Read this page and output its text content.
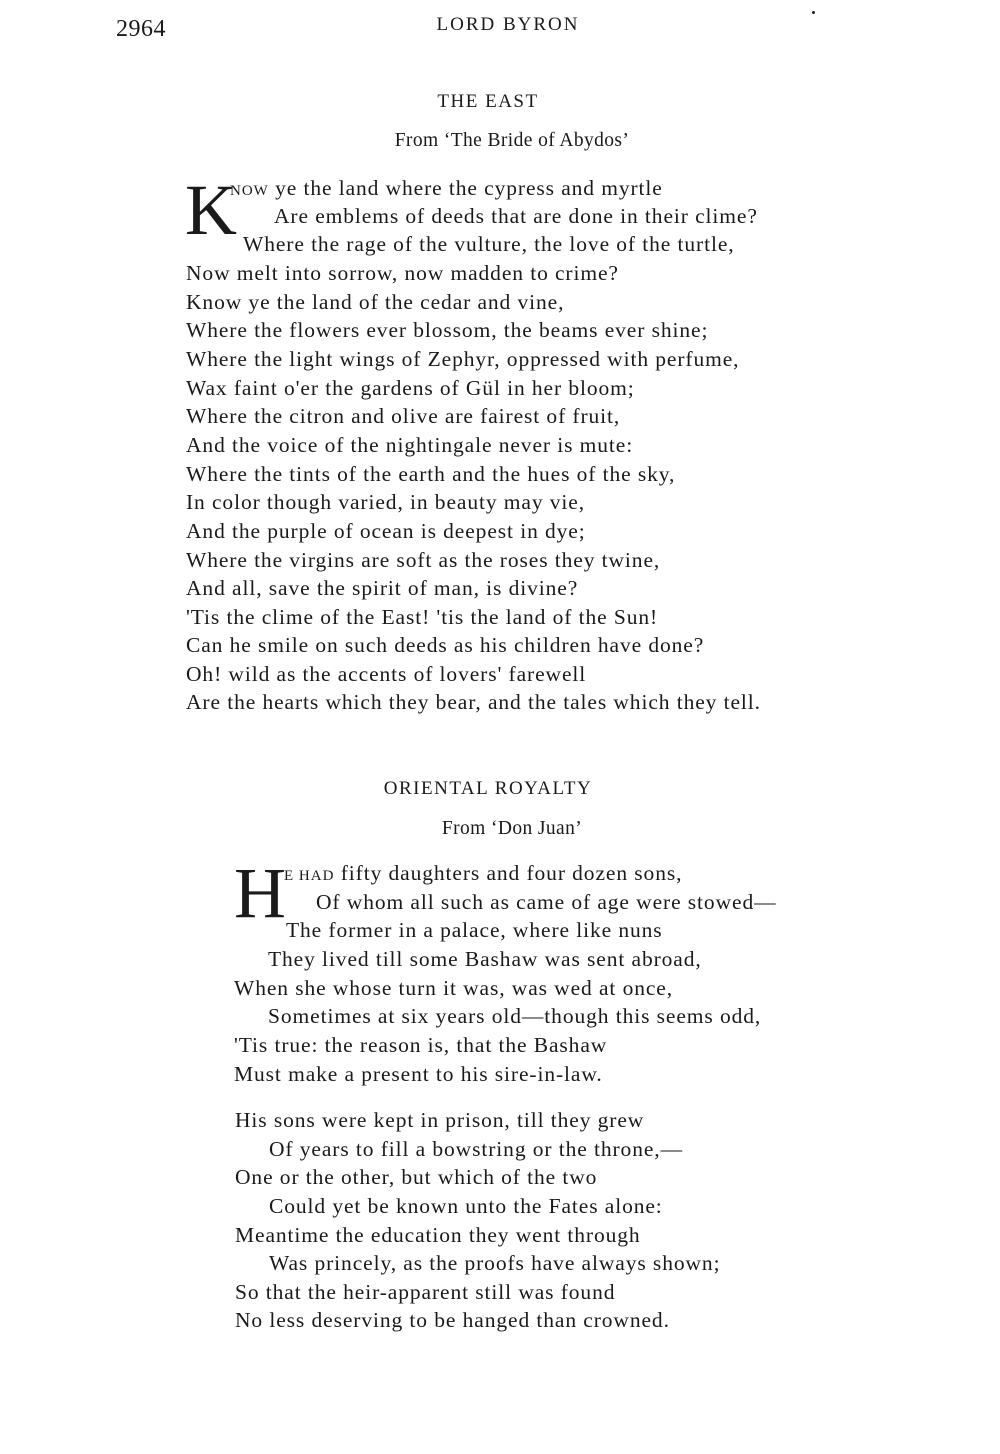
2964	LORD BYRON
THE EAST
From ‘The Bride of Abydos’
K
NOW ye the land where the cypress and myrtle
Are emblems of deeds that are done in their clime?
Where the rage of the vulture, the love of the turtle,
Now melt into sorrow, now madden to crime?
Know ye the land of the cedar and vine,
Where the flowers ever blossom, the beams ever shine;
Where the light wings of Zephyr, oppressed with perfume,
Wax faint o'er the gardens of Gül in her bloom;
Where the citron and olive are fairest of fruit,
And the voice of the nightingale never is mute:
Where the tints of the earth and the hues of the sky,
In color though varied, in beauty may vie,
And the purple of ocean is deepest in dye;
Where the virgins are soft as the roses they twine,
And all, save the spirit of man, is divine?
'Tis the clime of the East! 'tis the land of the Sun!
Can he smile on such deeds as his children have done?
Oh! wild as the accents of lovers' farewell
Are the hearts which they bear, and the tales which they tell.
ORIENTAL ROYALTY
From ‘Don Juan’
H
E HAD fifty daughters and four dozen sons,
Of whom all such as came of age were stowed—
The former in a palace, where like nuns
They lived till some Bashaw was sent abroad,
When she whose turn it was, was wed at once,
Sometimes at six years old—though this seems odd,
'Tis true: the reason is, that the Bashaw
Must make a present to his sire-in-law.
His sons were kept in prison, till they grew
Of years to fill a bowstring or the throne,—
One or the other, but which of the two
Could yet be known unto the Fates alone:
Meantime the education they went through
Was princely, as the proofs have always shown;
So that the heir-apparent still was found
No less deserving to be hanged than crowned.
